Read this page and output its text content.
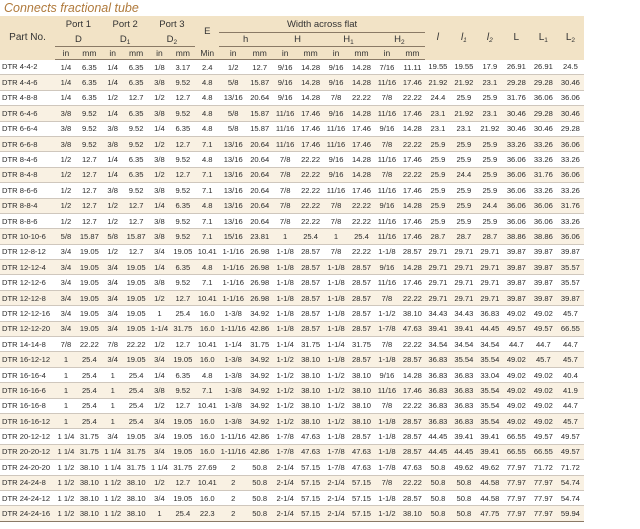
Connects fractional tube
Part No.	Port 1		Port 2		Port 3		E	Width across flat								l	$l_1$	$l_2$	L	$L_1$	$L_2$
	D		$D_1$		$D_2$			h		H		$H_1$		$H_2$
	in	mm	in	mm	in	mm	Min	in	mm	in	mm	in	mm	in	mm						
DTR 4-4-2	1/4	6.35	1/4	6.35	1/8	3.17	2.4	1/2	12.7	9/16	14.28	9/16	14.28	7/16	11.11	19.55	19.55	17.9	26.91	26.91	24.5
DTR 4-4-6	1/4	6.35	1/4	6.35	3/8	9.52	4.8	5/8	15.87	9/16	14.28	9/16	14.28	11/16	17.46	21.92	21.92	23.1	29.28	29.28	30.46
DTR 4-8-8	1/4	6.35	1/2	12.7	1/2	12.7	4.8	13/16	20.64	9/16	14.28	7/8	22.22	7/8	22.22	24.4	25.9	25.9	31.76	36.06	36.06
DTR 6-4-6	3/8	9.52	1/4	6.35	3/8	9.52	4.8	5/8	15.87	11/16	17.46	9/16	14.28	11/16	17.46	23.1	21.92	23.1	30.46	29.28	30.46
DTR 6-6-4	3/8	9.52	3/8	9.52	1/4	6.35	4.8	5/8	15.87	11/16	17.46	11/16	17.46	9/16	14.28	23.1	23.1	21.92	30.46	30.46	29.28
DTR 6-6-8	3/8	9.52	3/8	9.52	1/2	12.7	7.1	13/16	20.64	11/16	17.46	11/16	17.46	7/8	22.22	25.9	25.9	25.9	33.26	33.26	36.06
DTR 8-4-6	1/2	12.7	1/4	6.35	3/8	9.52	4.8	13/16	20.64	7/8	22.22	9/16	14.28	11/16	17.46	25.9	25.9	25.9	36.06	33.26	33.26
DTR 8-4-8	1/2	12.7	1/4	6.35	1/2	12.7	7.1	13/16	20.64	7/8	22.22	9/16	14.28	7/8	22.22	25.9	24.4	25.9	36.06	31.76	36.06
DTR 8-6-6	1/2	12.7	3/8	9.52	3/8	9.52	7.1	13/16	20.64	7/8	22.22	11/16	17.46	11/16	17.46	25.9	25.9	25.9	36.06	33.26	33.26
DTR 8-8-4	1/2	12.7	1/2	12.7	1/4	6.35	4.8	13/16	20.64	7/8	22.22	7/8	22.22	9/16	14.28	25.9	25.9	24.4	36.06	36.06	31.76
DTR 8-8-6	1/2	12.7	1/2	12.7	3/8	9.52	7.1	13/16	20.64	7/8	22.22	7/8	22.22	11/16	17.46	25.9	25.9	25.9	36.06	36.06	33.26
DTR 10-10-6	5/8	15.87	5/8	15.87	3/8	9.52	7.1	15/16	23.81	1	25.4	1	25.4	11/16	17.46	28.7	28.7	28.7	38.86	38.86	36.06
DTR 12-8-12	3/4	19.05	1/2	12.7	3/4	19.05	10.41	1-1/16	26.98	1-1/8	28.57	7/8	22.22	1-1/8	28.57	29.71	29.71	29.71	39.87	39.87	39.87
DTR 12-12-4	3/4	19.05	3/4	19.05	1/4	6.35	4.8	1-1/16	26.98	1-1/8	28.57	1-1/8	28.57	9/16	14.28	29.71	29.71	29.71	39.87	39.87	35.57
DTR 12-12-6	3/4	19.05	3/4	19.05	3/8	9.52	7.1	1-1/16	26.98	1-1/8	28.57	1-1/8	28.57	11/16	17.46	29.71	29.71	29.71	39.87	39.87	35.57
DTR 12-12-8	3/4	19.05	3/4	19.05	1/2	12.7	10.41	1-1/16	26.98	1-1/8	28.57	1-1/8	28.57	7/8	22.22	29.71	29.71	29.71	39.87	39.87	39.87
DTR 12-12-16	3/4	19.05	3/4	19.05	1	25.4	16.0	1-3/8	34.92	1-1/8	28.57	1-1/8	28.57	1-1/2	38.10	34.43	34.43	36.83	49.02	49.02	45.7
DTR 12-12-20	3/4	19.05	3/4	19.05	1-1/4	31.75	16.0	1-11/16	42.86	1-1/8	28.57	1-1/8	28.57	1-7/8	47.63	39.41	39.41	44.45	49.57	49.57	66.55
DTR 14-14-8	7/8	22.22	7/8	22.22	1/2	12.7	10.41	1-1/4	31.75	1-1/4	31.75	1-1/4	31.75	7/8	22.22	34.54	34.54	34.54	44.7	44.7	44.7
DTR 16-12-12	1	25.4	3/4	19.05	3/4	19.05	16.0	1-3/8	34.92	1-1/2	38.10	1-1/8	28.57	1-1/8	28.57	36.83	35.54	35.54	49.02	45.7	45.7
DTR 16-16-4	1	25.4	1	25.4	1/4	6.35	4.8	1-3/8	34.92	1-1/2	38.10	1-1/2	38.10	9/16	14.28	36.83	36.83	33.04	49.02	49.02	40.4
DTR 16-16-6	1	25.4	1	25.4	3/8	9.52	7.1	1-3/8	34.92	1-1/2	38.10	1-1/2	38.10	11/16	17.46	36.83	36.83	35.54	49.02	49.02	41.9
DTR 16-16-8	1	25.4	1	25.4	1/2	12.7	10.41	1-3/8	34.92	1-1/2	38.10	1-1/2	38.10	7/8	22.22	36.83	36.83	35.54	49.02	49.02	44.7
DTR 16-16-12	1	25.4	1	25.4	3/4	19.05	16.0	1-3/8	34.92	1-1/2	38.10	1-1/2	38.10	1-1/8	28.57	36.83	36.83	35.54	49.02	49.02	45.7
DTR 20-12-12	1 1/4	31.75	3/4	19.05	3/4	19.05	16.0	1-11/16	42.86	1-7/8	47.63	1-1/8	28.57	1-1/8	28.57	44.45	39.41	39.41	66.55	49.57	49.57
DTR 20-20-12	1 1/4	31.75	1 1/4	31.75	3/4	19.05	16.0	1-11/16	42.86	1-7/8	47.63	1-7/8	47.63	1-1/8	28.57	44.45	44.45	39.41	66.55	66.55	49.57
DTR 24-20-20	1 1/2	38.10	1 1/4	31.75	1 1/4	31.75	27.69	2	50.8	2-1/4	57.15	1-7/8	47.63	1-7/8	47.63	50.8	49.62	49.62	77.97	71.72	71.72
DTR 24-24-8	1 1/2	38.10	1 1/2	38.10	1/2	12.7	10.41	2	50.8	2-1/4	57.15	2-1/4	57.15	7/8	22.22	50.8	50.8	44.58	77.97	77.97	54.74
DTR 24-24-12	1 1/2	38.10	1 1/2	38.10	3/4	19.05	16.0	2	50.8	2-1/4	57.15	2-1/4	57.15	1-1/8	28.57	50.8	50.8	44.58	77.97	77.97	54.74
DTR 24-24-16	1 1/2	38.10	1 1/2	38.10	1	25.4	22.3	2	50.8	2-1/4	57.15	2-1/4	57.15	1-1/2	38.10	50.8	50.8	47.75	77.97	77.97	59.94
